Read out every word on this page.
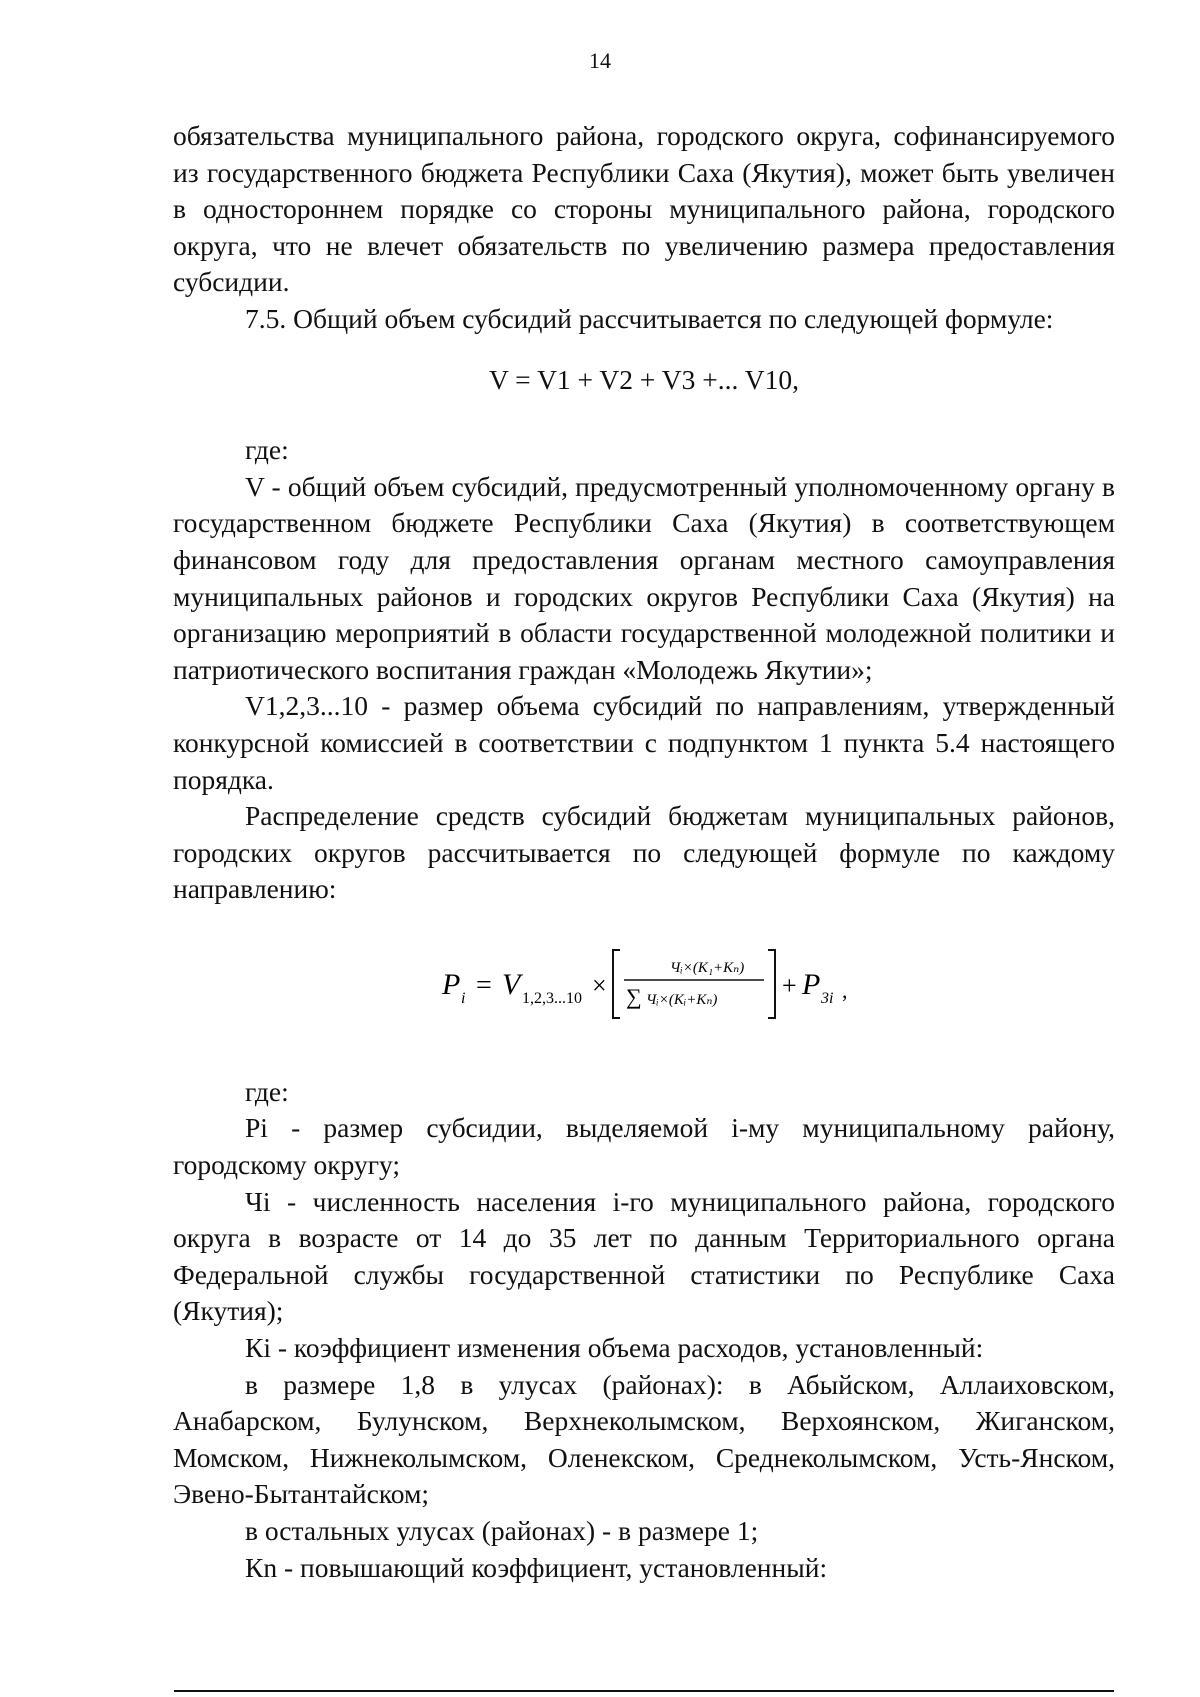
14

обязательства муниципального района, городского округа, софинансируемого из государственного бюджета Республики Саха (Якутия), может быть увеличен в одностороннем порядке со стороны муниципального района, городского округа, что не влечет обязательств по увеличению размера предоставления субсидии.

7.5. Общий объем субсидий рассчитывается по следующей формуле:

V = V1 + V2 + V3 +... V10,

где:

V - общий объем субсидий, предусмотренный уполномоченному органу в государственном бюджете Республики Саха (Якутия) в соответствующем финансовом году для предоставления органам местного самоуправления муниципальных районов и городских округов Республики Саха (Якутия) на организацию мероприятий в области государственной молодежной политики и патриотического воспитания граждан «Молодежь Якутии»;

V1,2,3...10 - размер объема субсидий по направлениям, утвержденный конкурсной комиссией в соответствии с подпунктом 1 пункта 5.4 настоящего порядка.

Распределение средств субсидий бюджетам муниципальных районов, городских округов рассчитывается по следующей формуле по каждому направлению:

P i = V 1,2,3...10 ×
Чᵢ×(K₁+Kₙ)
∑ Чᵢ×(Kᵢ+Kₙ) + P 3i ,

где:

Pi - размер субсидии, выделяемой i-му муниципальному району, городскому округу;

Чi - численность населения i-го муниципального района, городского округа в возрасте от 14 до 35 лет по данным Территориального органа Федеральной службы государственной статистики по Республике Саха (Якутия);

Кi - коэффициент изменения объема расходов, установленный:

в размере 1,8 в улусах (районах): в Абыйском, Аллаиховском, Анабарском, Булунском, Верхнеколымском, Верхоянском, Жиганском, Момском, Нижнеколымском, Оленекском, Среднеколымском, Усть-Янском, Эвено-Бытантайском;

в остальных улусах (районах) - в размере 1;

Кn - повышающий коэффициент, установленный:
